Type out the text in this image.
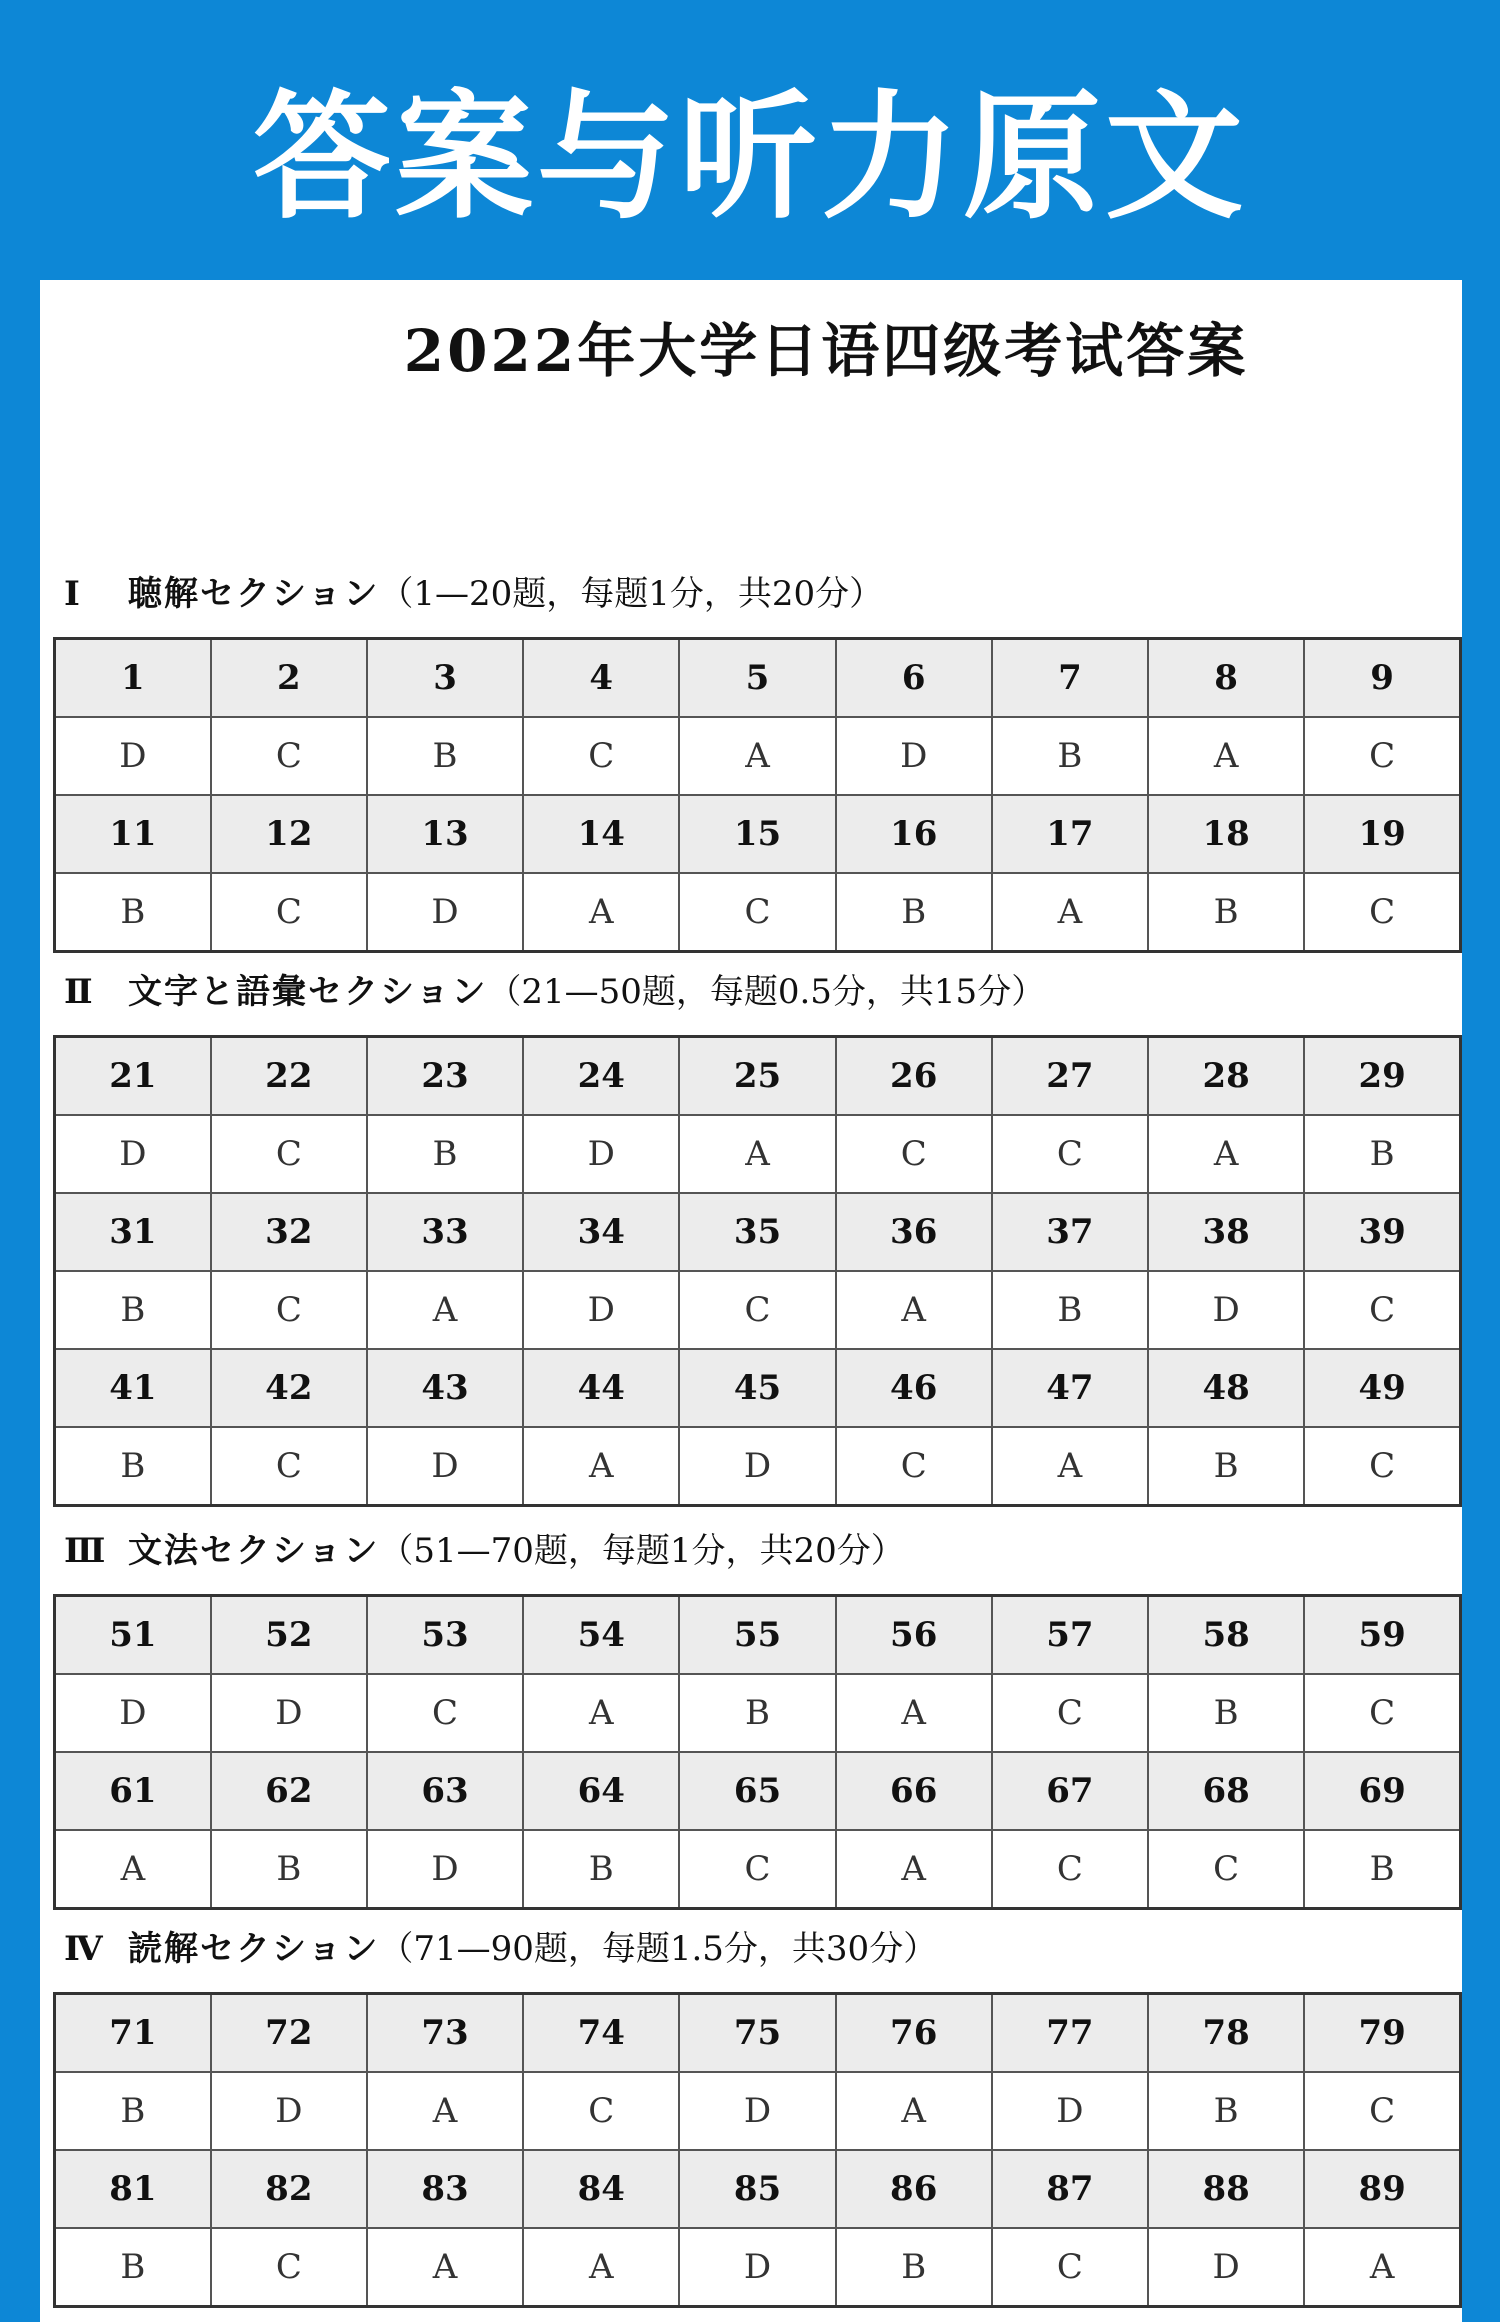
答案与听力原文
2022年大学日语四级考试答案
Ⅰ 聴解セクション（1—20题，每题1分，共20分）
1	2	3	4	5	6	7	8	9
D	C	B	C	A	D	B	A	C
11	12	13	14	15	16	17	18	19
B	C	D	A	C	B	A	B	C
Ⅱ 文字と語彙セクション（21—50题，每题0.5分，共15分）
21	22	23	24	25	26	27	28	29
D	C	B	D	A	C	C	A	B
31	32	33	34	35	36	37	38	39
B	C	A	D	C	A	B	D	C
41	42	43	44	45	46	47	48	49
B	C	D	A	D	C	A	B	C
Ⅲ 文法セクション（51—70题，每题1分，共20分）
51	52	53	54	55	56	57	58	59
D	D	C	A	B	A	C	B	C
61	62	63	64	65	66	67	68	69
A	B	D	B	C	A	C	C	B
Ⅳ 読解セクション（71—90题，每题1.5分，共30分）
71	72	73	74	75	76	77	78	79
B	D	A	C	D	A	D	B	C
81	82	83	84	85	86	87	88	89
B	C	A	A	D	B	C	D	A
